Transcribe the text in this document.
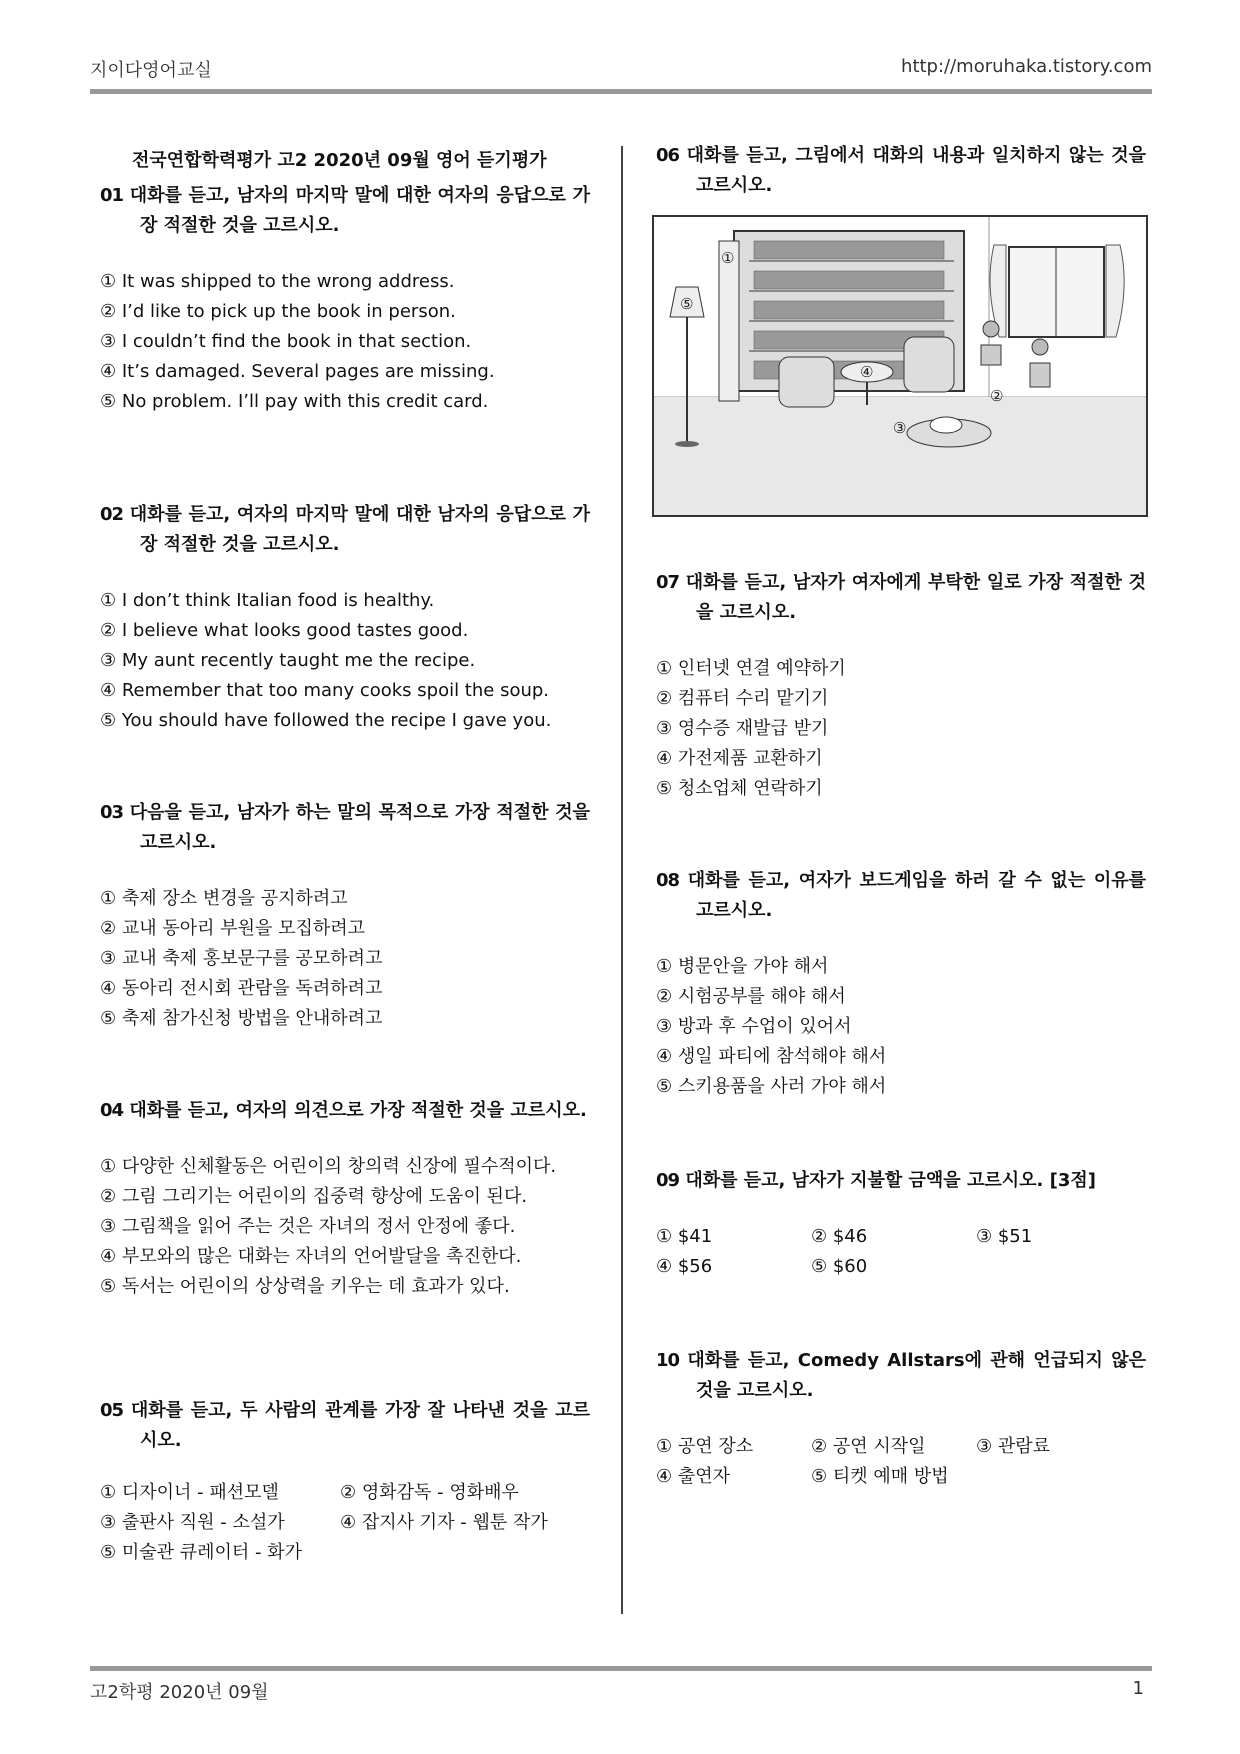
지이다영어교실	http://moruhaka.tistory.com
전국연합학력평가 고2 2020년 09월 영어 듣기평가
01 대화를 듣고, 남자의 마지막 말에 대한 여자의 응답으로 가장 적절한 것을 고르시오.
① It was shipped to the wrong address.
② I’d like to pick up the book in person.
③ I couldn’t find the book in that section.
④ It’s damaged. Several pages are missing.
⑤ No problem. I’ll pay with this credit card.
02 대화를 듣고, 여자의 마지막 말에 대한 남자의 응답으로 가장 적절한 것을 고르시오.
① I don’t think Italian food is healthy.
② I believe what looks good tastes good.
③ My aunt recently taught me the recipe.
④ Remember that too many cooks spoil the soup.
⑤ You should have followed the recipe I gave you.
03 다음을 듣고, 남자가 하는 말의 목적으로 가장 적절한 것을 고르시오.
① 축제 장소 변경을 공지하려고
② 교내 동아리 부원을 모집하려고
③ 교내 축제 홍보문구를 공모하려고
④ 동아리 전시회 관람을 독려하려고
⑤ 축제 참가신청 방법을 안내하려고
04 대화를 듣고, 여자의 의견으로 가장 적절한 것을 고르시오.
① 다양한 신체활동은 어린이의 창의력 신장에 필수적이다.
② 그림 그리기는 어린이의 집중력 향상에 도움이 된다.
③ 그림책을 읽어 주는 것은 자녀의 정서 안정에 좋다.
④ 부모와의 많은 대화는 자녀의 언어발달을 촉진한다.
⑤ 독서는 어린이의 상상력을 키우는 데 효과가 있다.
05 대화를 듣고, 두 사람의 관계를 가장 잘 나타낸 것을 고르시오.
① 디자이너 - 패션모델	② 영화감독 - 영화배우
③ 출판사 직원 - 소설가	④ 잡지사 기자 - 웹툰 작가
⑤ 미술관 큐레이터 - 화가
06 대화를 듣고, 그림에서 대화의 내용과 일치하지 않는 것을 고르시오.
①
②
③
④
⑤
07 대화를 듣고, 남자가 여자에게 부탁한 일로 가장 적절한 것을 고르시오.
① 인터넷 연결 예약하기
② 컴퓨터 수리 맡기기
③ 영수증 재발급 받기
④ 가전제품 교환하기
⑤ 청소업체 연락하기
08 대화를 듣고, 여자가 보드게임을 하러 갈 수 없는 이유를 고르시오.
① 병문안을 가야 해서
② 시험공부를 해야 해서
③ 방과 후 수업이 있어서
④ 생일 파티에 참석해야 해서
⑤ 스키용품을 사러 가야 해서
09 대화를 듣고, 남자가 지불할 금액을 고르시오. [3점]
① $41	② $46	③ $51
④ $56	⑤ $60
10 대화를 듣고, Comedy Allstars에 관해 언급되지 않은 것을 고르시오.
① 공연 장소	② 공연 시작일	③ 관람료
④ 출연자	⑤ 티켓 예매 방법
고2학평 2020년 09월	1
